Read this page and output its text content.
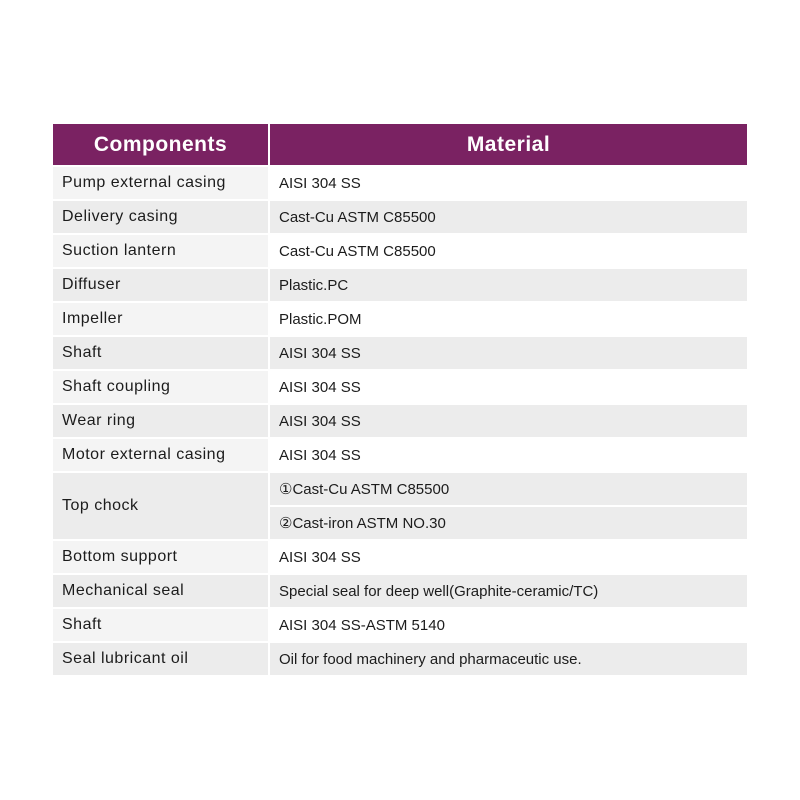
Components	Material
Pump external casing	AISI 304 SS
Delivery casing	Cast-Cu ASTM C85500
Suction lantern	Cast-Cu ASTM C85500
Diffuser	Plastic.PC
Impeller	Plastic.POM
Shaft	AISI 304 SS
Shaft coupling	AISI 304 SS
Wear ring	AISI 304 SS
Motor external casing	AISI 304 SS
Top chock	①Cast-Cu ASTM C85500
	②Cast-iron ASTM NO.30
Bottom support	AISI 304 SS
Mechanical seal	Special seal for deep well(Graphite-ceramic/TC)
Shaft	AISI 304 SS-ASTM 5140
Seal lubricant oil	Oil for food machinery and pharmaceutic use.
